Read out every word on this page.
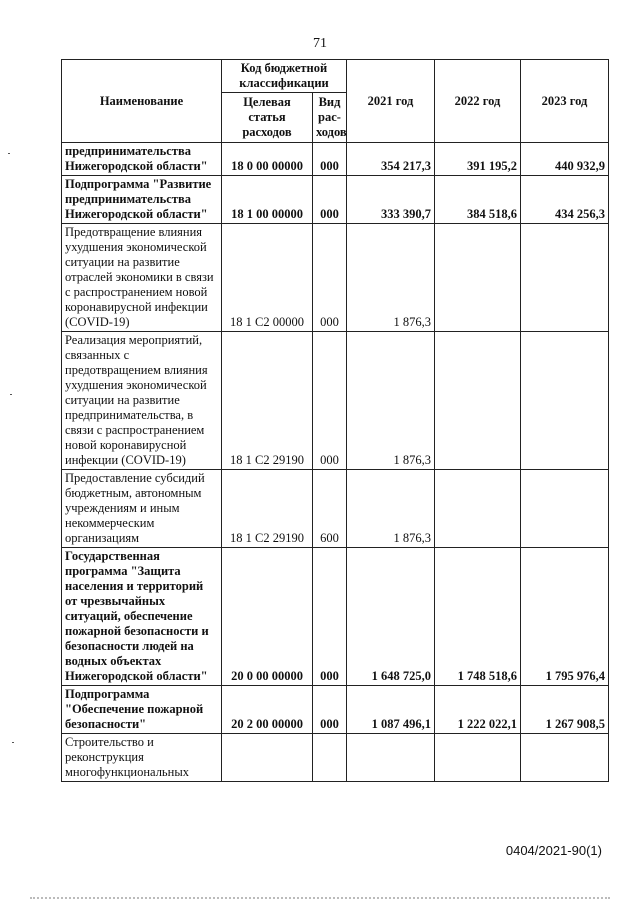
71
Наименование	Код бюджетной классификации		2021 год	2022 год	2023 год
	Целевая статья расходов	Вид рас-ходов			
предпринимательства Нижегородской области"	18 0 00 00000	000	354 217,3	391 195,2	440 932,9
Подпрограмма "Развитие предпринимательства Нижегородской области"	18 1 00 00000	000	333 390,7	384 518,6	434 256,3
Предотвращение влияния ухудшения экономической ситуации на развитие отраслей экономики в связи с распространением новой коронавирусной инфекции (COVID-19)	18 1 С2 00000	000	1 876,3		
Реализация мероприятий, связанных с предотвращением влияния ухудшения экономической ситуации на развитие предпринимательства, в связи с распространением новой коронавирусной инфекции (COVID-19)	18 1 С2 29190	000	1 876,3		
Предоставление субсидий бюджетным, автономным учреждениям и иным некоммерческим организациям	18 1 С2 29190	600	1 876,3		
Государственная программа "Защита населения и территорий от чрезвычайных ситуаций, обеспечение пожарной безопасности и безопасности людей на водных объектах Нижегородской области"	20 0 00 00000	000	1 648 725,0	1 748 518,6	1 795 976,4
Подпрограмма "Обеспечение пожарной безопасности"	20 2 00 00000	000	1 087 496,1	1 222 022,1	1 267 908,5
Строительство и реконструкция многофункциональных					
0404/2021-90(1)
